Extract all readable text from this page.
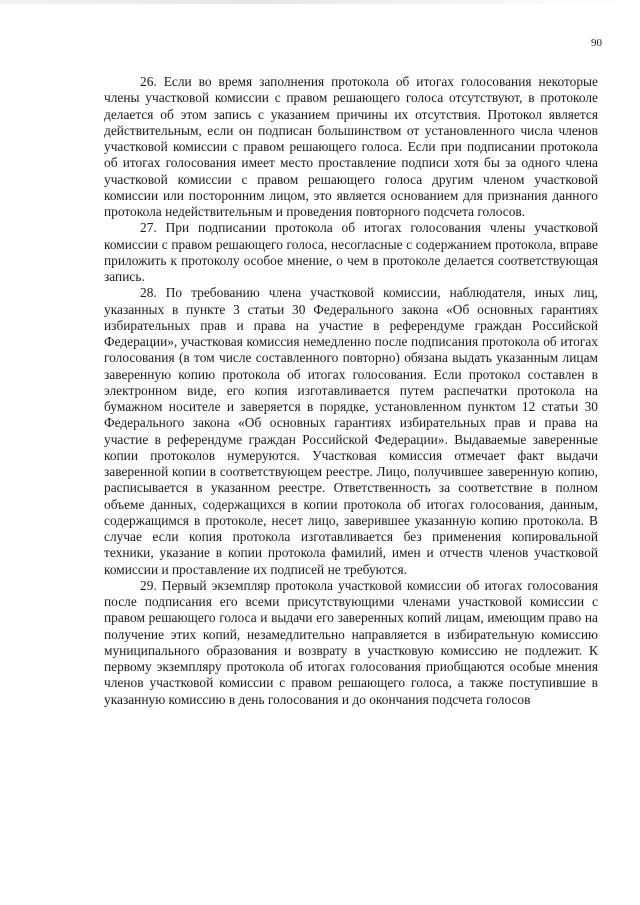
90

26. Если во время заполнения протокола об итогах голосования некоторые члены участковой комиссии с правом решающего голоса отсутствуют, в протоколе делается об этом запись с указанием причины их отсутствия. Протокол является действительным, если он подписан большинством от установленного числа членов участковой комиссии с правом решающего голоса. Если при подписании протокола об итогах голосования имеет место проставление подписи хотя бы за одного члена участковой комиссии с правом решающего голоса другим членом участковой комиссии или посторонним лицом, это является основанием для признания данного протокола недействительным и проведения повторного подсчета голосов.

27. При подписании протокола об итогах голосования члены участковой комиссии с правом решающего голоса, несогласные с содержанием протокола, вправе приложить к протоколу особое мнение, о чем в протоколе делается соответствующая запись.

28. По требованию члена участковой комиссии, наблюдателя, иных лиц, указанных в пункте 3 статьи 30 Федерального закона «Об основных гарантиях избирательных прав и права на участие в референдуме граждан Российской Федерации», участковая комиссия немедленно после подписания протокола об итогах голосования (в том числе составленного повторно) обязана выдать указанным лицам заверенную копию протокола об итогах голосования. Если протокол составлен в электронном виде, его копия изготавливается путем распечатки протокола на бумажном носителе и заверяется в порядке, установленном пунктом 12 статьи 30 Федерального закона «Об основных гарантиях избирательных прав и права на участие в референдуме граждан Российской Федерации». Выдаваемые заверенные копии протоколов нумеруются. Участковая комиссия отмечает факт выдачи заверенной копии в соответствующем реестре. Лицо, получившее заверенную копию, расписывается в указанном реестре. Ответственность за соответствие в полном объеме данных, содержащихся в копии протокола об итогах голосования, данным, содержащимся в протоколе, несет лицо, заверившее указанную копию протокола. В случае если копия протокола изготавливается без применения копировальной техники, указание в копии протокола фамилий, имен и отчеств членов участковой комиссии и проставление их подписей не требуются.

29. Первый экземпляр протокола участковой комиссии об итогах голосования после подписания его всеми присутствующими членами участковой комиссии с правом решающего голоса и выдачи его заверенных копий лицам, имеющим право на получение этих копий, незамедлительно направляется в избирательную комиссию муниципального образования и возврату в участковую комиссию не подлежит. К первому экземпляру протокола об итогах голосования приобщаются особые мнения членов участковой комиссии с правом решающего голоса, а также поступившие в указанную комиссию в день голосования и до окончания подсчета голосов
